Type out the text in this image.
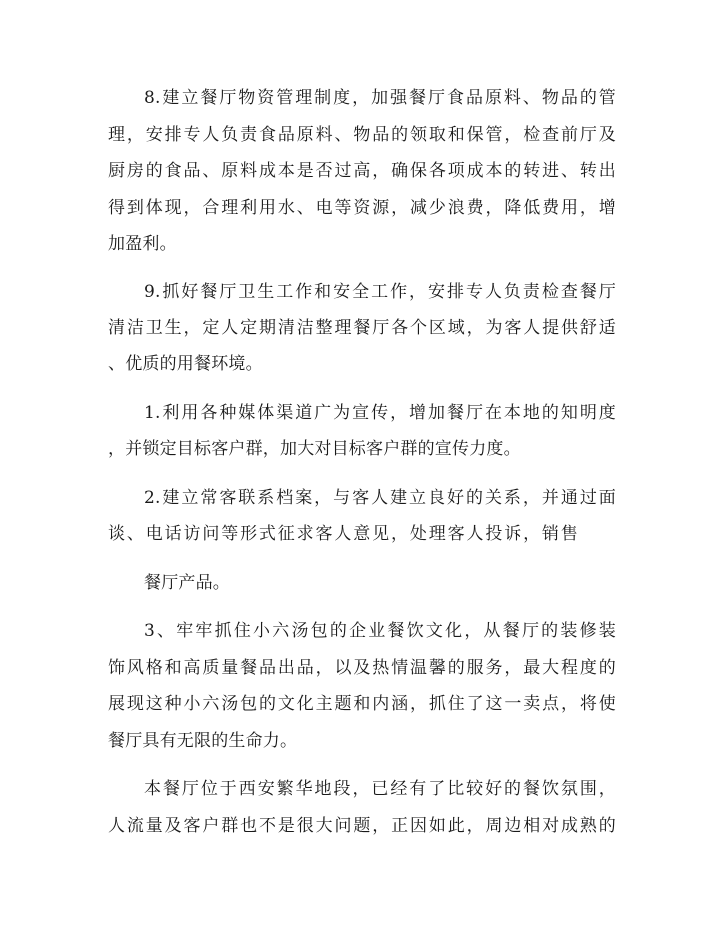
8.建立餐厅物资管理制度，加强餐厅食品原料、物品的管

理，安排专人负责食品原料、物品的领取和保管，检查前厅及

厨房的食品、原料成本是否过高，确保各项成本的转进、转出

得到体现，合理利用水、电等资源，减少浪费，降低费用，增

加盈利。

9.抓好餐厅卫生工作和安全工作，安排专人负责检查餐厅

清洁卫生，定人定期清洁整理餐厅各个区域，为客人提供舒适

、优质的用餐环境。

1.利用各种媒体渠道广为宣传，增加餐厅在本地的知明度

，并锁定目标客户群，加大对目标客户群的宣传力度。

2.建立常客联系档案，与客人建立良好的关系，并通过面

谈、电话访问等形式征求客人意见，处理客人投诉，销售

餐厅产品。

3、牢牢抓住小六汤包的企业餐饮文化，从餐厅的装修装

饰风格和高质量餐品出品，以及热情温馨的服务，最大程度的

展现这种小六汤包的文化主题和内涵，抓住了这一卖点，将使

餐厅具有无限的生命力。

本餐厅位于西安繁华地段，已经有了比较好的餐饮氛围，

人流量及客户群也不是很大问题，正因如此，周边相对成熟的
